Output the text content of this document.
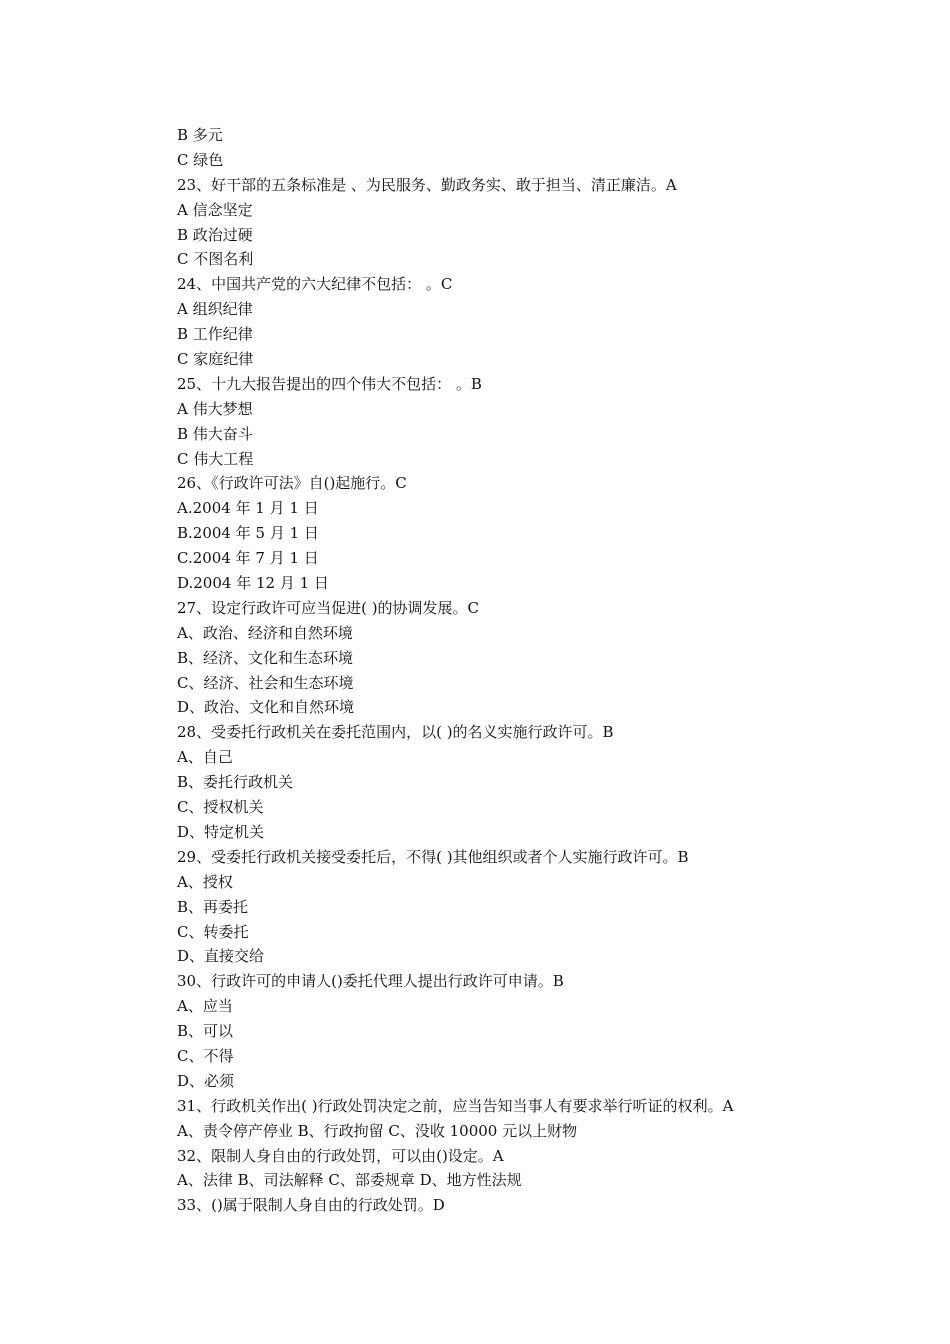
B 多元
C 绿色
23、好干部的五条标准是 、为民服务、勤政务实、敢于担当、清正廉洁。A
A 信念坚定
B 政治过硬
C 不图名利
24、中国共产党的六大纪律不包括： 。C
A 组织纪律
B 工作纪律
C 家庭纪律
25、十九大报告提出的四个伟大不包括： 。B
A 伟大梦想
B 伟大奋斗
C 伟大工程
26、《行政许可法》自()起施行。C
A.2004 年 1 月 1 日
B.2004 年 5 月 1 日
C.2004 年 7 月 1 日
D.2004 年 12 月 1 日
27、设定行政许可应当促进( )的协调发展。C
A、政治、经济和自然环境
B、经济、文化和生态环境
C、经济、社会和生态环境
D、政治、文化和自然环境
28、受委托行政机关在委托范围内，以( )的名义实施行政许可。B
A、自己
B、委托行政机关
C、授权机关
D、特定机关
29、受委托行政机关接受委托后，不得( )其他组织或者个人实施行政许可。B
A、授权
B、再委托
C、转委托
D、直接交给
30、行政许可的申请人()委托代理人提出行政许可申请。B
A、应当
B、可以
C、不得
D、必须
31、行政机关作出( )行政处罚决定之前，应当告知当事人有要求举行听证的权利。A
A、责令停产停业 B、行政拘留 C、没收 10000 元以上财物
32、限制人身自由的行政处罚，可以由()设定。A
A、法律 B、司法解释 C、部委规章 D、地方性法规
33、()属于限制人身自由的行政处罚。D
